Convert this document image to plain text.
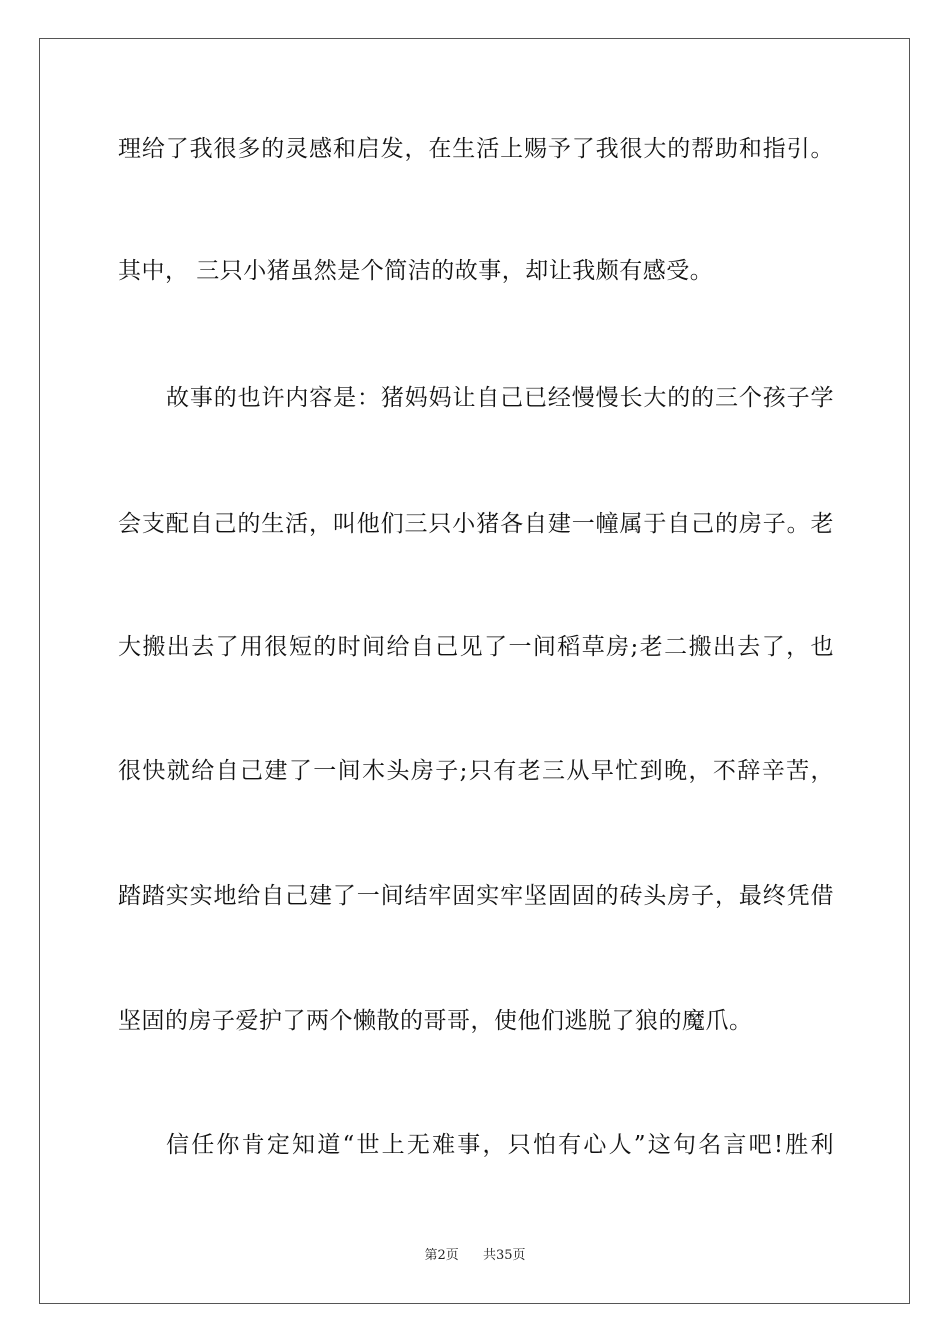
理给了我很多的灵感和启发，在生活上赐予了我很大的帮助和指引。
其中， 三只小猪虽然是个简洁的故事，却让我颇有感受。
故事的也许内容是：猪妈妈让自己已经慢慢长大的的三个孩子学
会支配自己的生活，叫他们三只小猪各自建一幢属于自己的房子。老
大搬出去了用很短的时间给自己见了一间稻草房;老二搬出去了，也
很快就给自己建了一间木头房子;只有老三从早忙到晚，不辞辛苦，
踏踏实实地给自己建了一间结牢固实牢坚固固的砖头房子，最终凭借
坚固的房子爱护了两个懒散的哥哥，使他们逃脱了狼的魔爪。
信任你肯定知道“世上无难事，只怕有心人”这句名言吧!胜利
第2页 共35页
